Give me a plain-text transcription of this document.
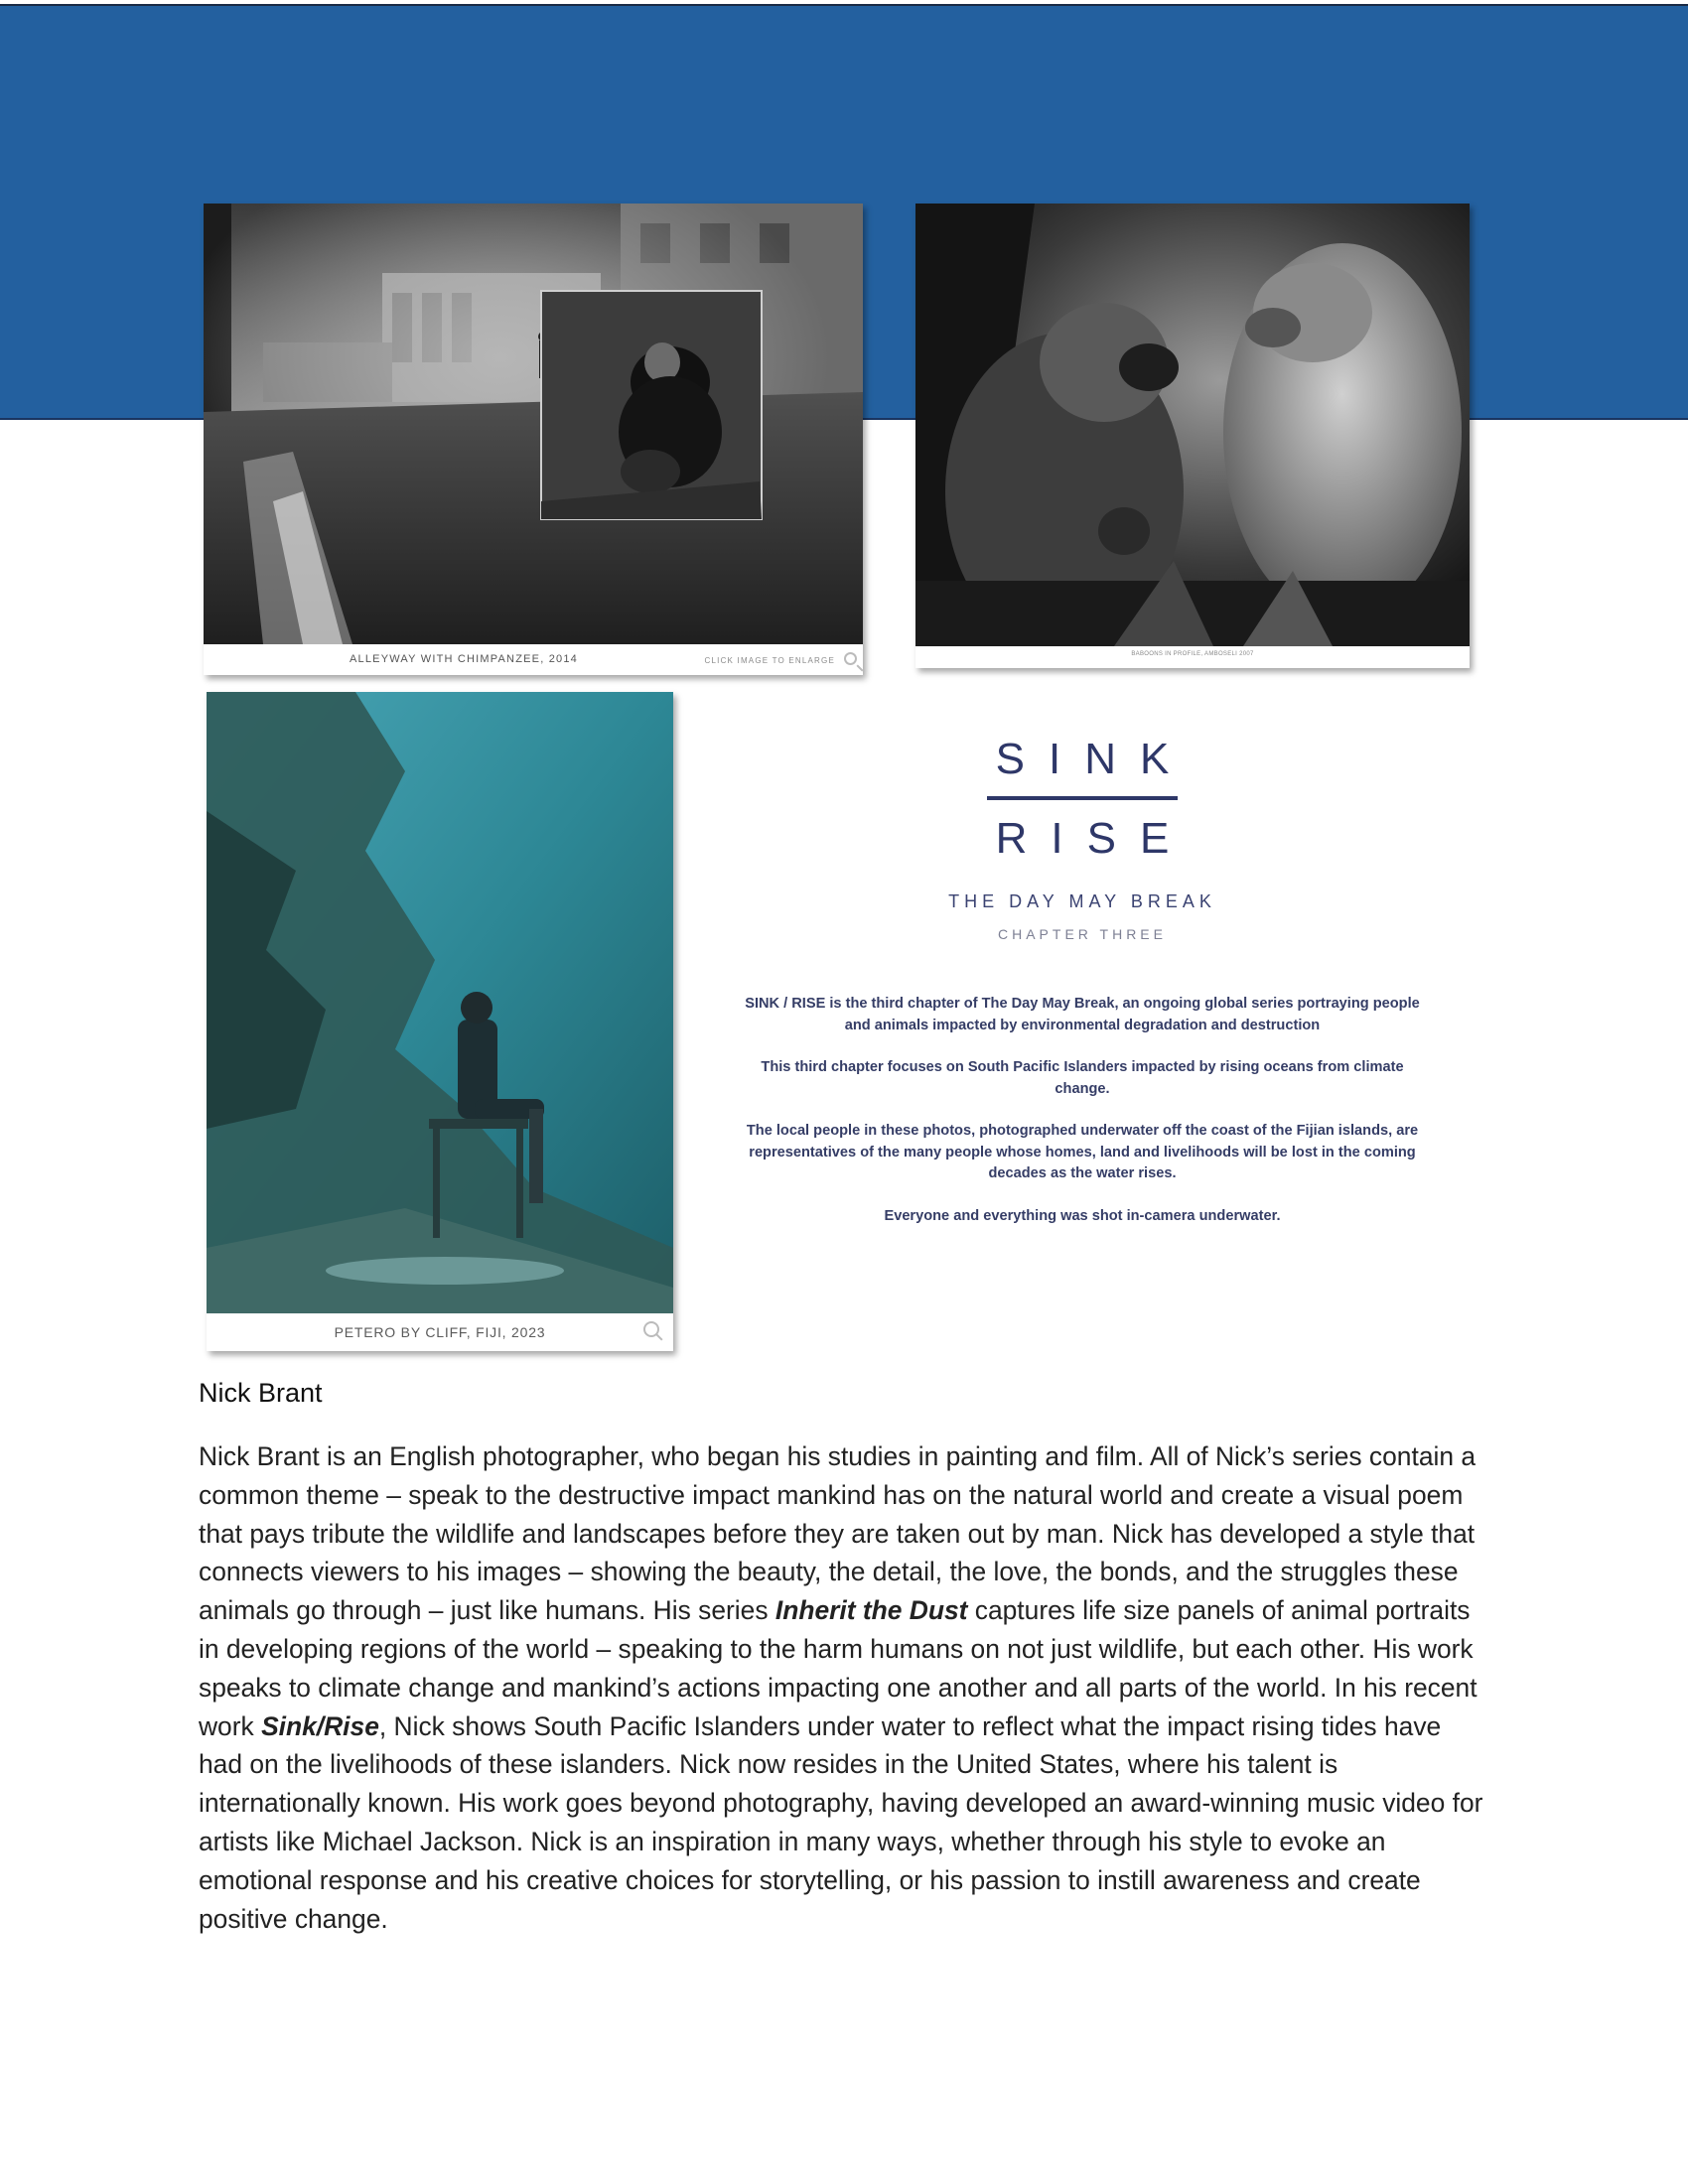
ALLEYWAY WITH CHIMPANZEE, 2014	CLICK IMAGE TO ENLARGE
BABOONS IN PROFILE, AMBOSELI 2007
PETERO BY CLIFF, FIJI, 2023
SINK
RISE
THE DAY MAY BREAK
CHAPTER THREE

SINK / RISE is the third chapter of The Day May Break, an ongoing global series portraying people and animals impacted by environmental degradation and destruction

This third chapter focuses on South Pacific Islanders impacted by rising oceans from climate change.

The local people in these photos, photographed underwater off the coast of the Fijian islands, are representatives of the many people whose homes, land and livelihoods will be lost in the coming decades as the water rises.

Everyone and everything was shot in-camera underwater.

Nick Brant
Nick Brant is an English photographer, who began his studies in painting and film. All of Nick’s series contain a common theme – speak to the destructive impact mankind has on the natural world and create a visual poem that pays tribute the wildlife and landscapes before they are taken out by man. Nick has developed a style that connects viewers to his images – showing the beauty, the detail, the love, the bonds, and the struggles these animals go through – just like humans. His series Inherit the Dust captures life size panels of animal portraits in developing regions of the world – speaking to the harm humans on not just wildlife, but each other. His work speaks to climate change and mankind’s actions impacting one another and all parts of the world. In his recent work Sink/Rise, Nick shows South Pacific Islanders under water to reflect what the impact rising tides have had on the livelihoods of these islanders. Nick now resides in the United States, where his talent is internationally known. His work goes beyond photography, having developed an award-winning music video for artists like Michael Jackson. Nick is an inspiration in many ways, whether through his style to evoke an emotional response and his creative choices for storytelling, or his passion to instill awareness and create positive change.
